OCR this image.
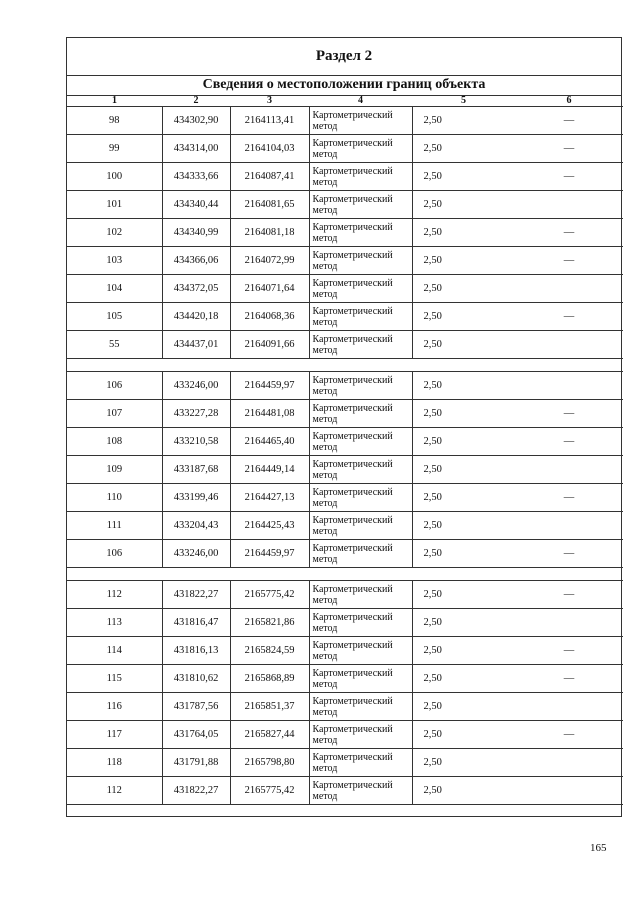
Раздел 2
Сведения о местоположении границ объекта
1	2	3	4	5	6
98	434302,90	2164113,41	Картометрический метод	2,50	—
99	434314,00	2164104,03	Картометрический метод	2,50	—
100	434333,66	2164087,41	Картометрический метод	2,50	—
101	434340,44	2164081,65	Картометрический метод	2,50	
102	434340,99	2164081,18	Картометрический метод	2,50	—
103	434366,06	2164072,99	Картометрический метод	2,50	—
104	434372,05	2164071,64	Картометрический метод	2,50	
105	434420,18	2164068,36	Картометрический метод	2,50	—
55	434437,01	2164091,66	Картометрический метод	2,50	

106	433246,00	2164459,97	Картометрический метод	2,50	
107	433227,28	2164481,08	Картометрический метод	2,50	—
108	433210,58	2164465,40	Картометрический метод	2,50	—
109	433187,68	2164449,14	Картометрический метод	2,50	
110	433199,46	2164427,13	Картометрический метод	2,50	—
111	433204,43	2164425,43	Картометрический метод	2,50	
106	433246,00	2164459,97	Картометрический метод	2,50	—

112	431822,27	2165775,42	Картометрический метод	2,50	—
113	431816,47	2165821,86	Картометрический метод	2,50	
114	431816,13	2165824,59	Картометрический метод	2,50	—
115	431810,62	2165868,89	Картометрический метод	2,50	—
116	431787,56	2165851,37	Картометрический метод	2,50	
117	431764,05	2165827,44	Картометрический метод	2,50	—
118	431791,88	2165798,80	Картометрический метод	2,50	
112	431822,27	2165775,42	Картометрический метод	2,50	
165
